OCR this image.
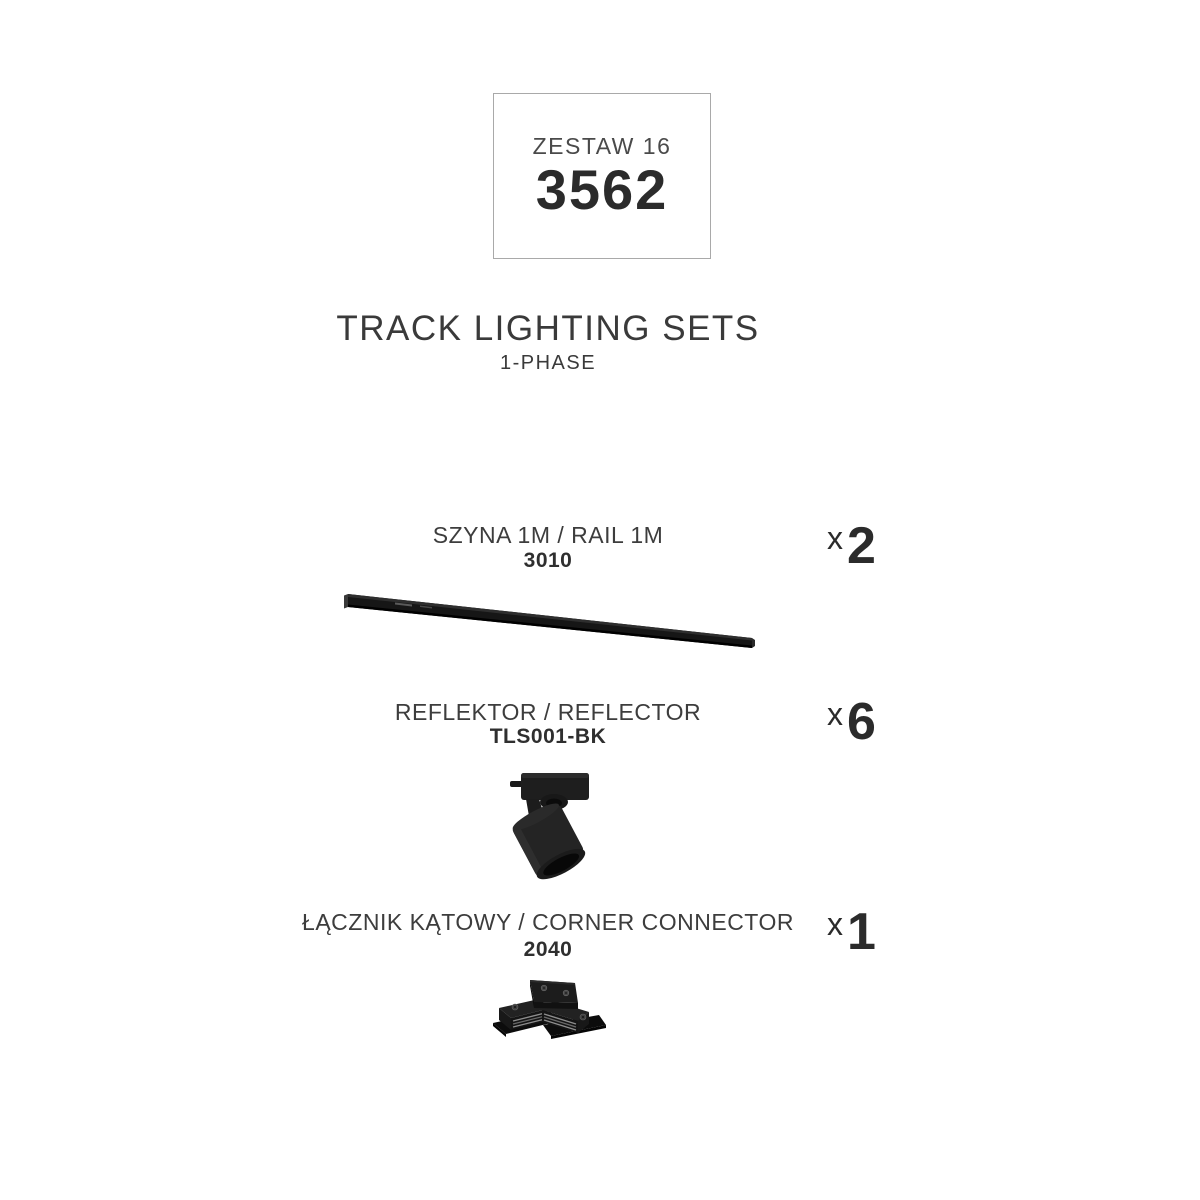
ZESTAW 16
3562
TRACK LIGHTING SETS
1-PHASE
SZYNA 1M / RAIL 1M
3010
x 2
REFLEKTOR / REFLECTOR
TLS001-BK
x 6
ŁĄCZNIK KĄTOWY / CORNER CONNECTOR
2040
x 1
